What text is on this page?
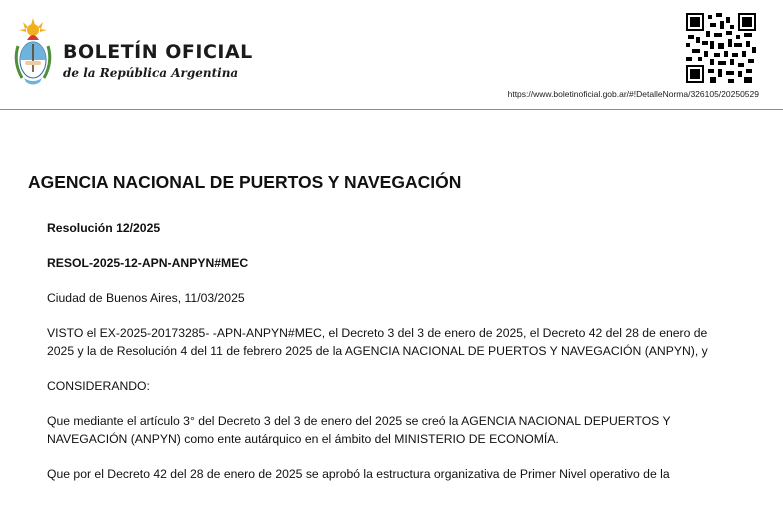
BOLETÍN OFICIAL
de la República Argentina
https://www.boletinoficial.gob.ar/#!DetalleNorma/326105/20250529
AGENCIA NACIONAL DE PUERTOS Y NAVEGACIÓN

Resolución 12/2025

RESOL-2025-12-APN-ANPYN#MEC

Ciudad de Buenos Aires, 11/03/2025

VISTO el EX-2025-20173285- -APN-ANPYN#MEC, el Decreto 3 del 3 de enero de 2025, el Decreto 42 del 28 de enero de 2025 y la de Resolución 4 del 11 de febrero 2025 de la AGENCIA NACIONAL DE PUERTOS Y NAVEGACIÓN (ANPYN), y

CONSIDERANDO:

Que mediante el artículo 3° del Decreto 3 del 3 de enero del 2025 se creó la AGENCIA NACIONAL DEPUERTOS Y NAVEGACIÓN (ANPYN) como ente autárquico en el ámbito del MINISTERIO DE ECONOMÍA.

Que por el Decreto 42 del 28 de enero de 2025 se aprobó la estructura organizativa de Primer Nivel operativo de la
